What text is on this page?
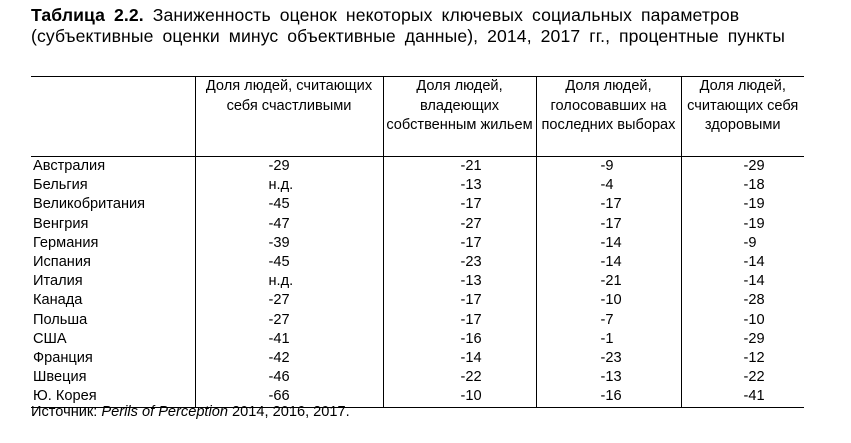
Таблица 2.2. Заниженность оценок некоторых ключевых социальных параметров (субъективные оценки минус объективные данные), 2014, 2017 гг., процентные пункты
	Доля людей, считающих себя счастливыми	Доля людей, владеющих собственным жильем	Доля людей, голосовавших на последних выборах	Доля людей, считающих себя здоровыми
Австралия	-29	-21	-9	-29
Бельгия	н.д.	-13	-4	-18
Великобритания	-45	-17	-17	-19
Венгрия	-47	-27	-17	-19
Германия	-39	-17	-14	-9
Испания	-45	-23	-14	-14
Италия	н.д.	-13	-21	-14
Канада	-27	-17	-10	-28
Польша	-27	-17	-7	-10
США	-41	-16	-1	-29
Франция	-42	-14	-23	-12
Швеция	-46	-22	-13	-22
Ю. Корея	-66	-10	-16	-41
Источник: Perils of Perception 2014, 2016, 2017.
